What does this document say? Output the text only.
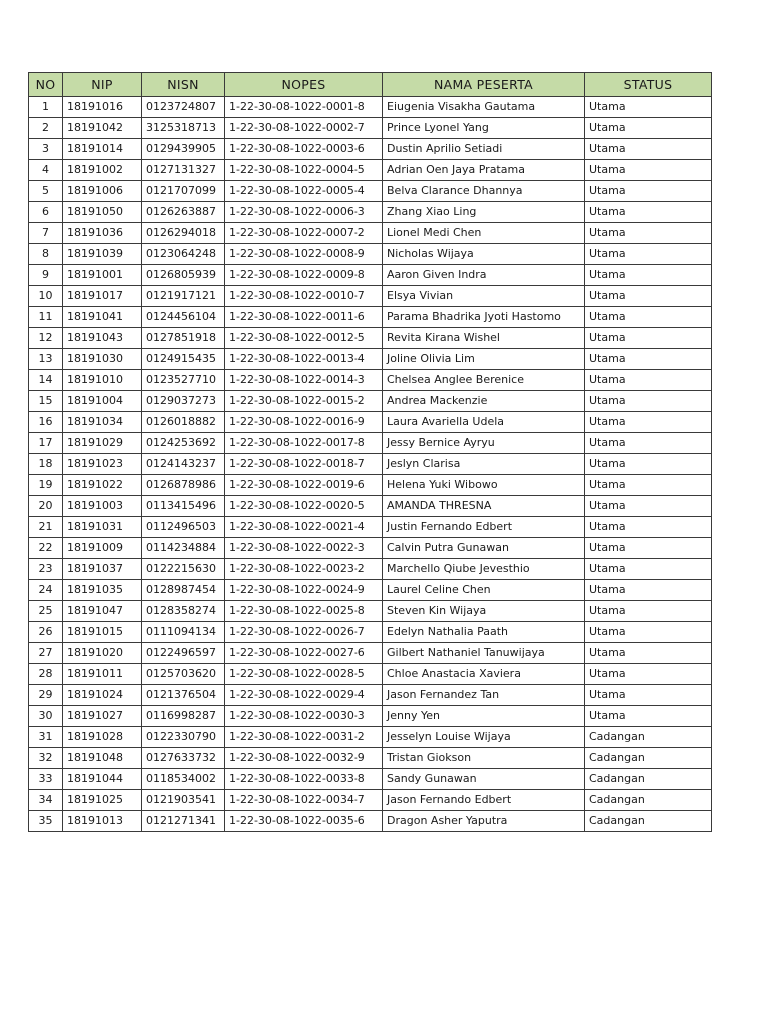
NO	NIP	NISN	NOPES	NAMA PESERTA	STATUS
1	18191016	0123724807	1-22-30-08-1022-0001-8	Eiugenia Visakha Gautama	Utama
2	18191042	3125318713	1-22-30-08-1022-0002-7	Prince Lyonel Yang	Utama
3	18191014	0129439905	1-22-30-08-1022-0003-6	Dustin Aprilio Setiadi	Utama
4	18191002	0127131327	1-22-30-08-1022-0004-5	Adrian Oen Jaya Pratama	Utama
5	18191006	0121707099	1-22-30-08-1022-0005-4	Belva Clarance Dhannya	Utama
6	18191050	0126263887	1-22-30-08-1022-0006-3	Zhang Xiao Ling	Utama
7	18191036	0126294018	1-22-30-08-1022-0007-2	Lionel Medi Chen	Utama
8	18191039	0123064248	1-22-30-08-1022-0008-9	Nicholas Wijaya	Utama
9	18191001	0126805939	1-22-30-08-1022-0009-8	Aaron Given Indra	Utama
10	18191017	0121917121	1-22-30-08-1022-0010-7	Elsya Vivian	Utama
11	18191041	0124456104	1-22-30-08-1022-0011-6	Parama Bhadrika Jyoti Hastomo	Utama
12	18191043	0127851918	1-22-30-08-1022-0012-5	Revita Kirana Wishel	Utama
13	18191030	0124915435	1-22-30-08-1022-0013-4	Joline Olivia Lim	Utama
14	18191010	0123527710	1-22-30-08-1022-0014-3	Chelsea Anglee Berenice	Utama
15	18191004	0129037273	1-22-30-08-1022-0015-2	Andrea Mackenzie	Utama
16	18191034	0126018882	1-22-30-08-1022-0016-9	Laura Avariella Udela	Utama
17	18191029	0124253692	1-22-30-08-1022-0017-8	Jessy Bernice Ayryu	Utama
18	18191023	0124143237	1-22-30-08-1022-0018-7	Jeslyn Clarisa	Utama
19	18191022	0126878986	1-22-30-08-1022-0019-6	Helena Yuki Wibowo	Utama
20	18191003	0113415496	1-22-30-08-1022-0020-5	AMANDA THRESNA	Utama
21	18191031	0112496503	1-22-30-08-1022-0021-4	Justin Fernando Edbert	Utama
22	18191009	0114234884	1-22-30-08-1022-0022-3	Calvin Putra Gunawan	Utama
23	18191037	0122215630	1-22-30-08-1022-0023-2	Marchello Qiube Jevesthio	Utama
24	18191035	0128987454	1-22-30-08-1022-0024-9	Laurel Celine Chen	Utama
25	18191047	0128358274	1-22-30-08-1022-0025-8	Steven Kin Wijaya	Utama
26	18191015	0111094134	1-22-30-08-1022-0026-7	Edelyn Nathalia Paath	Utama
27	18191020	0122496597	1-22-30-08-1022-0027-6	Gilbert Nathaniel Tanuwijaya	Utama
28	18191011	0125703620	1-22-30-08-1022-0028-5	Chloe Anastacia Xaviera	Utama
29	18191024	0121376504	1-22-30-08-1022-0029-4	Jason Fernandez Tan	Utama
30	18191027	0116998287	1-22-30-08-1022-0030-3	Jenny Yen	Utama
31	18191028	0122330790	1-22-30-08-1022-0031-2	Jesselyn Louise Wijaya	Cadangan
32	18191048	0127633732	1-22-30-08-1022-0032-9	Tristan Giokson	Cadangan
33	18191044	0118534002	1-22-30-08-1022-0033-8	Sandy Gunawan	Cadangan
34	18191025	0121903541	1-22-30-08-1022-0034-7	Jason Fernando Edbert	Cadangan
35	18191013	0121271341	1-22-30-08-1022-0035-6	Dragon Asher Yaputra	Cadangan
